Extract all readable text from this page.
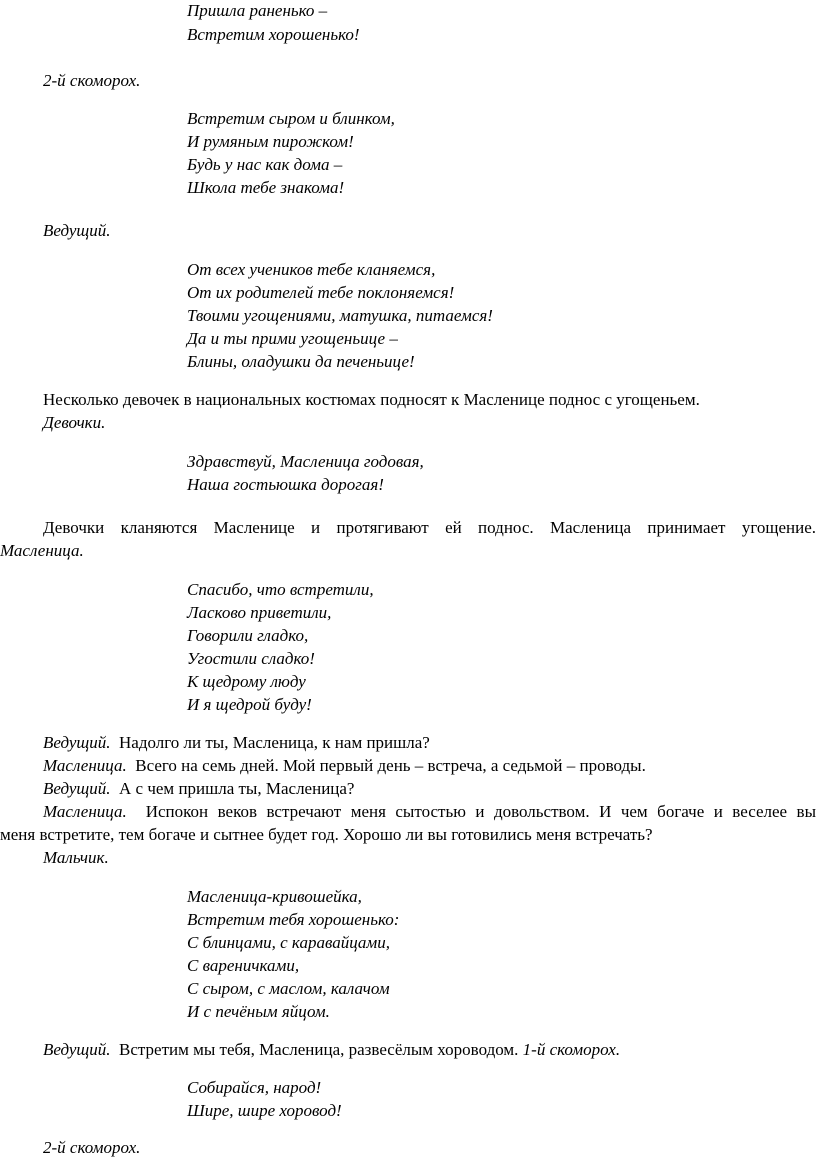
Пришла раненько –
Встретим хорошенько!
2-й скоморох.
Встретим сыром и блинком,
И румяным пирожком!
Будь у нас как дома –
Школа тебе знакома!
Ведущий.
От всех учеников тебе кланяемся,
От их родителей тебе поклоняемся!
Твоими угощениями, матушка, питаемся!
Да и ты прими угощеньице –
Блины, оладушки да печеньице!
Несколько девочек в национальных костюмах подносят к Масленице поднос с угощеньем.
Девочки.
Здравствуй, Масленица годовая,
Наша гостьюшка дорогая!
Девочки кланяются Масленице и протягивают ей поднос. Масленица принимает угощение.
Масленица.
Спасибо, что встретили,
Ласково приветили,
Говорили гладко,
Угостили сладко!
К щедрому люду
И я щедрой буду!
Ведущий. Надолго ли ты, Масленица, к нам пришла?
Масленица. Всего на семь дней. Мой первый день – встреча, а седьмой – проводы.
Ведущий. А с чем пришла ты, Масленица?
Масленица. Испокон веков встречают меня сытостью и довольством. И чем богаче и веселее вы
меня встретите, тем богаче и сытнее будет год. Хорошо ли вы готовились меня встречать?
Мальчик.
Масленица-кривошейка,
Встретим тебя хорошенько:
С блинцами, с каравайцами,
С вареничками,
С сыром, с маслом, калачом
И с печёным яйцом.
Ведущий. Встретим мы тебя, Масленица, развесёлым хороводом. 1-й скоморох.
Собирайся, народ!
Шире, шире хоровод!
2-й скоморох.
